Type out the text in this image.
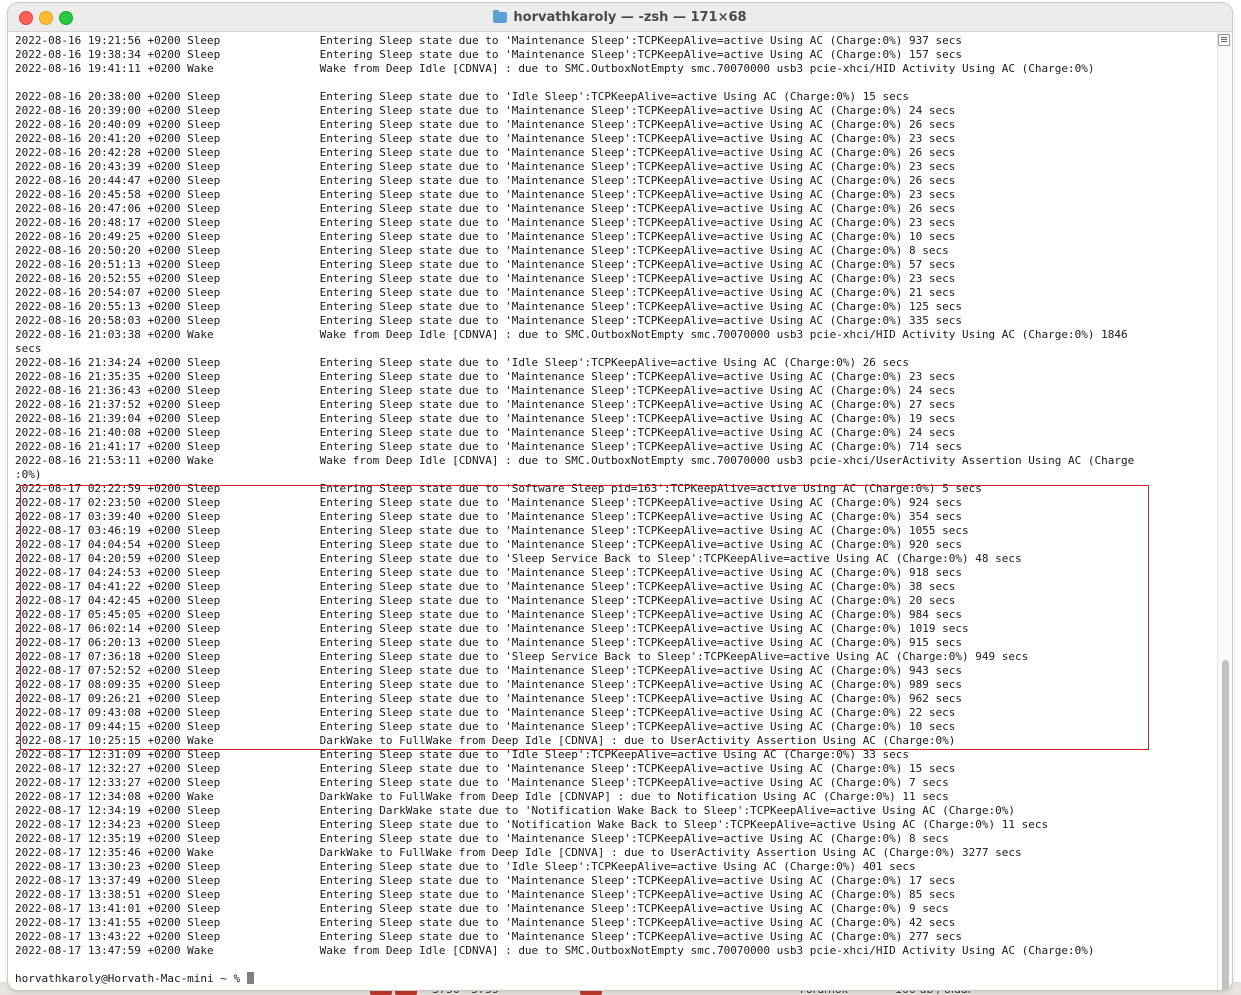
horvathkaroly — -zsh — 171×68
2022-08-16 19:21:56 +0200 Sleep               Entering Sleep state due to 'Maintenance Sleep':TCPKeepAlive=active Using AC (Charge:0%) 937 secs
2022-08-16 19:38:34 +0200 Sleep               Entering Sleep state due to 'Maintenance Sleep':TCPKeepAlive=active Using AC (Charge:0%) 157 secs
2022-08-16 19:41:11 +0200 Wake                Wake from Deep Idle [CDNVA] : due to SMC.OutboxNotEmpty smc.70070000 usb3 pcie-xhci/HID Activity Using AC (Charge:0%)
2022-08-16 20:38:00 +0200 Sleep               Entering Sleep state due to 'Idle Sleep':TCPKeepAlive=active Using AC (Charge:0%) 15 secs
2022-08-16 20:39:00 +0200 Sleep               Entering Sleep state due to 'Maintenance Sleep':TCPKeepAlive=active Using AC (Charge:0%) 24 secs
2022-08-16 20:40:09 +0200 Sleep               Entering Sleep state due to 'Maintenance Sleep':TCPKeepAlive=active Using AC (Charge:0%) 26 secs
2022-08-16 20:41:20 +0200 Sleep               Entering Sleep state due to 'Maintenance Sleep':TCPKeepAlive=active Using AC (Charge:0%) 23 secs
2022-08-16 20:42:28 +0200 Sleep               Entering Sleep state due to 'Maintenance Sleep':TCPKeepAlive=active Using AC (Charge:0%) 26 secs
2022-08-16 20:43:39 +0200 Sleep               Entering Sleep state due to 'Maintenance Sleep':TCPKeepAlive=active Using AC (Charge:0%) 23 secs
2022-08-16 20:44:47 +0200 Sleep               Entering Sleep state due to 'Maintenance Sleep':TCPKeepAlive=active Using AC (Charge:0%) 26 secs
2022-08-16 20:45:58 +0200 Sleep               Entering Sleep state due to 'Maintenance Sleep':TCPKeepAlive=active Using AC (Charge:0%) 23 secs
2022-08-16 20:47:06 +0200 Sleep               Entering Sleep state due to 'Maintenance Sleep':TCPKeepAlive=active Using AC (Charge:0%) 26 secs
2022-08-16 20:48:17 +0200 Sleep               Entering Sleep state due to 'Maintenance Sleep':TCPKeepAlive=active Using AC (Charge:0%) 23 secs
2022-08-16 20:49:25 +0200 Sleep               Entering Sleep state due to 'Maintenance Sleep':TCPKeepAlive=active Using AC (Charge:0%) 10 secs
2022-08-16 20:50:20 +0200 Sleep               Entering Sleep state due to 'Maintenance Sleep':TCPKeepAlive=active Using AC (Charge:0%) 8 secs
2022-08-16 20:51:13 +0200 Sleep               Entering Sleep state due to 'Maintenance Sleep':TCPKeepAlive=active Using AC (Charge:0%) 57 secs
2022-08-16 20:52:55 +0200 Sleep               Entering Sleep state due to 'Maintenance Sleep':TCPKeepAlive=active Using AC (Charge:0%) 23 secs
2022-08-16 20:54:07 +0200 Sleep               Entering Sleep state due to 'Maintenance Sleep':TCPKeepAlive=active Using AC (Charge:0%) 21 secs
2022-08-16 20:55:13 +0200 Sleep               Entering Sleep state due to 'Maintenance Sleep':TCPKeepAlive=active Using AC (Charge:0%) 125 secs
2022-08-16 20:58:03 +0200 Sleep               Entering Sleep state due to 'Maintenance Sleep':TCPKeepAlive=active Using AC (Charge:0%) 335 secs
2022-08-16 21:03:38 +0200 Wake                Wake from Deep Idle [CDNVA] : due to SMC.OutboxNotEmpty smc.70070000 usb3 pcie-xhci/HID Activity Using AC (Charge:0%) 1846
secs
2022-08-16 21:34:24 +0200 Sleep               Entering Sleep state due to 'Idle Sleep':TCPKeepAlive=active Using AC (Charge:0%) 26 secs
2022-08-16 21:35:35 +0200 Sleep               Entering Sleep state due to 'Maintenance Sleep':TCPKeepAlive=active Using AC (Charge:0%) 23 secs
2022-08-16 21:36:43 +0200 Sleep               Entering Sleep state due to 'Maintenance Sleep':TCPKeepAlive=active Using AC (Charge:0%) 24 secs
2022-08-16 21:37:52 +0200 Sleep               Entering Sleep state due to 'Maintenance Sleep':TCPKeepAlive=active Using AC (Charge:0%) 27 secs
2022-08-16 21:39:04 +0200 Sleep               Entering Sleep state due to 'Maintenance Sleep':TCPKeepAlive=active Using AC (Charge:0%) 19 secs
2022-08-16 21:40:08 +0200 Sleep               Entering Sleep state due to 'Maintenance Sleep':TCPKeepAlive=active Using AC (Charge:0%) 24 secs
2022-08-16 21:41:17 +0200 Sleep               Entering Sleep state due to 'Maintenance Sleep':TCPKeepAlive=active Using AC (Charge:0%) 714 secs
2022-08-16 21:53:11 +0200 Wake                Wake from Deep Idle [CDNVA] : due to SMC.OutboxNotEmpty smc.70070000 usb3 pcie-xhci/UserActivity Assertion Using AC (Charge
:0%)
2022-08-17 02:22:59 +0200 Sleep               Entering Sleep state due to 'Software Sleep pid=163':TCPKeepAlive=active Using AC (Charge:0%) 5 secs
2022-08-17 02:23:50 +0200 Sleep               Entering Sleep state due to 'Maintenance Sleep':TCPKeepAlive=active Using AC (Charge:0%) 924 secs
2022-08-17 03:39:40 +0200 Sleep               Entering Sleep state due to 'Maintenance Sleep':TCPKeepAlive=active Using AC (Charge:0%) 354 secs
2022-08-17 03:46:19 +0200 Sleep               Entering Sleep state due to 'Maintenance Sleep':TCPKeepAlive=active Using AC (Charge:0%) 1055 secs
2022-08-17 04:04:54 +0200 Sleep               Entering Sleep state due to 'Maintenance Sleep':TCPKeepAlive=active Using AC (Charge:0%) 920 secs
2022-08-17 04:20:59 +0200 Sleep               Entering Sleep state due to 'Sleep Service Back to Sleep':TCPKeepAlive=active Using AC (Charge:0%) 48 secs
2022-08-17 04:24:53 +0200 Sleep               Entering Sleep state due to 'Maintenance Sleep':TCPKeepAlive=active Using AC (Charge:0%) 918 secs
2022-08-17 04:41:22 +0200 Sleep               Entering Sleep state due to 'Maintenance Sleep':TCPKeepAlive=active Using AC (Charge:0%) 38 secs
2022-08-17 04:42:45 +0200 Sleep               Entering Sleep state due to 'Maintenance Sleep':TCPKeepAlive=active Using AC (Charge:0%) 20 secs
2022-08-17 05:45:05 +0200 Sleep               Entering Sleep state due to 'Maintenance Sleep':TCPKeepAlive=active Using AC (Charge:0%) 984 secs
2022-08-17 06:02:14 +0200 Sleep               Entering Sleep state due to 'Maintenance Sleep':TCPKeepAlive=active Using AC (Charge:0%) 1019 secs
2022-08-17 06:20:13 +0200 Sleep               Entering Sleep state due to 'Maintenance Sleep':TCPKeepAlive=active Using AC (Charge:0%) 915 secs
2022-08-17 07:36:18 +0200 Sleep               Entering Sleep state due to 'Sleep Service Back to Sleep':TCPKeepAlive=active Using AC (Charge:0%) 949 secs
2022-08-17 07:52:52 +0200 Sleep               Entering Sleep state due to 'Maintenance Sleep':TCPKeepAlive=active Using AC (Charge:0%) 943 secs
2022-08-17 08:09:35 +0200 Sleep               Entering Sleep state due to 'Maintenance Sleep':TCPKeepAlive=active Using AC (Charge:0%) 989 secs
2022-08-17 09:26:21 +0200 Sleep               Entering Sleep state due to 'Maintenance Sleep':TCPKeepAlive=active Using AC (Charge:0%) 962 secs
2022-08-17 09:43:08 +0200 Sleep               Entering Sleep state due to 'Maintenance Sleep':TCPKeepAlive=active Using AC (Charge:0%) 22 secs
2022-08-17 09:44:15 +0200 Sleep               Entering Sleep state due to 'Maintenance Sleep':TCPKeepAlive=active Using AC (Charge:0%) 10 secs
2022-08-17 10:25:15 +0200 Wake                DarkWake to FullWake from Deep Idle [CDNVA] : due to UserActivity Assertion Using AC (Charge:0%)
2022-08-17 12:31:09 +0200 Sleep               Entering Sleep state due to 'Idle Sleep':TCPKeepAlive=active Using AC (Charge:0%) 33 secs
2022-08-17 12:32:27 +0200 Sleep               Entering Sleep state due to 'Maintenance Sleep':TCPKeepAlive=active Using AC (Charge:0%) 15 secs
2022-08-17 12:33:27 +0200 Sleep               Entering Sleep state due to 'Maintenance Sleep':TCPKeepAlive=active Using AC (Charge:0%) 7 secs
2022-08-17 12:34:08 +0200 Wake                DarkWake to FullWake from Deep Idle [CDNVAP] : due to Notification Using AC (Charge:0%) 11 secs
2022-08-17 12:34:19 +0200 Sleep               Entering DarkWake state due to 'Notification Wake Back to Sleep':TCPKeepAlive=active Using AC (Charge:0%)
2022-08-17 12:34:23 +0200 Sleep               Entering Sleep state due to 'Notification Wake Back to Sleep':TCPKeepAlive=active Using AC (Charge:0%) 11 secs
2022-08-17 12:35:19 +0200 Sleep               Entering Sleep state due to 'Maintenance Sleep':TCPKeepAlive=active Using AC (Charge:0%) 8 secs
2022-08-17 12:35:46 +0200 Wake                DarkWake to FullWake from Deep Idle [CDNVA] : due to UserActivity Assertion Using AC (Charge:0%) 3277 secs
2022-08-17 13:30:23 +0200 Sleep               Entering Sleep state due to 'Idle Sleep':TCPKeepAlive=active Using AC (Charge:0%) 401 secs
2022-08-17 13:37:49 +0200 Sleep               Entering Sleep state due to 'Maintenance Sleep':TCPKeepAlive=active Using AC (Charge:0%) 17 secs
2022-08-17 13:38:51 +0200 Sleep               Entering Sleep state due to 'Maintenance Sleep':TCPKeepAlive=active Using AC (Charge:0%) 85 secs
2022-08-17 13:41:01 +0200 Sleep               Entering Sleep state due to 'Maintenance Sleep':TCPKeepAlive=active Using AC (Charge:0%) 9 secs
2022-08-17 13:41:55 +0200 Sleep               Entering Sleep state due to 'Maintenance Sleep':TCPKeepAlive=active Using AC (Charge:0%) 42 secs
2022-08-17 13:43:22 +0200 Sleep               Entering Sleep state due to 'Maintenance Sleep':TCPKeepAlive=active Using AC (Charge:0%) 277 secs
2022-08-17 13:47:59 +0200 Wake                Wake from Deep Idle [CDNVA] : due to SMC.OutboxNotEmpty smc.70070000 usb3 pcie-xhci/HID Activity Using AC (Charge:0%)
horvathkaroly@Horvath-Mac-mini ~ %
